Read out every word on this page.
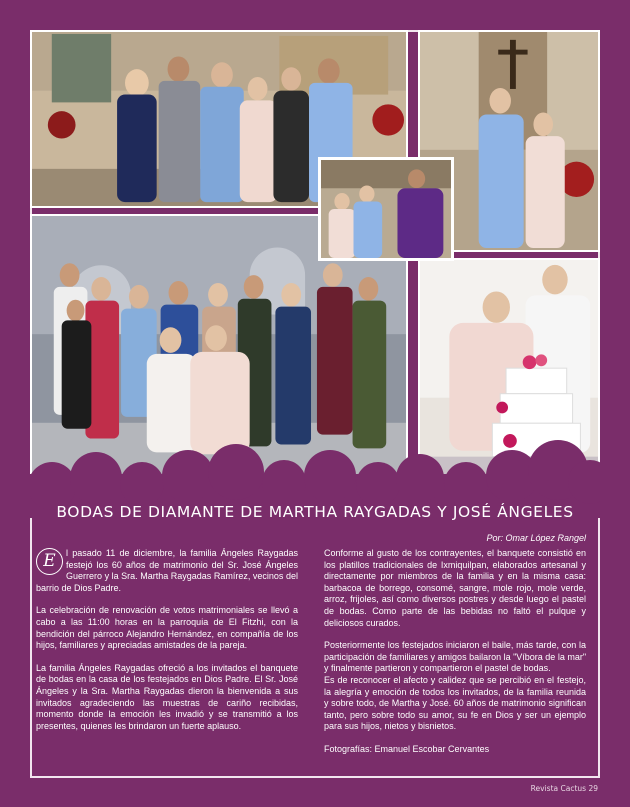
BODAS DE DIAMANTE DE MARTHA RAYGADAS Y JOSÉ ÁNGELES
Por: Omar López Rangel

E	l pasado 11 de diciembre, la familia Ángeles Raygadas festejó los 60 años de matrimonio del Sr. José Ángeles Guerrero y la Sra. Martha Raygadas Ramírez, vecinos del barrio de Dios Padre.

La celebración de renovación de votos matrimoniales se llevó a cabo a las 11:00 horas en la parroquia de El Fitzhi, con la bendición del párroco Alejandro Hernández, en compañía de los hijos, familiares y apreciadas amistades de la pareja.

La familia Ángeles Raygadas ofreció a los invitados el banquete de bodas en la casa de los festejados en Dios Padre. El Sr. José Ángeles y la Sra. Martha Raygadas dieron la bienvenida a sus invitados agradeciendo las muestras de cariño recibidas, momento donde la emoción les invadió y se transmitió a los presentes, quienes les brindaron un fuerte aplauso.

Conforme al gusto de los contrayentes, el banquete consistió en los platillos tradicionales de Ixmiquilpan, elaborados artesanal y directamente por miembros de la familia y en la misma casa: barbacoa de borrego, consomé, sangre, mole rojo, mole verde, arroz, frijoles, así como diversos postres y desde luego el pastel de bodas. Como parte de las bebidas no faltó el pulque y deliciosos curados.

Posteriormente los festejados iniciaron el baile, más tarde, con la participación de familiares y amigos bailaron la "Víbora de la mar" y finalmente partieron y compartieron el pastel de bodas.

Es de reconocer el afecto y calidez que se percibió en el festejo, la alegría y emoción de todos los invitados, de la familia reunida y sobre todo, de Martha y José. 60 años de matrimonio significan tanto, pero sobre todo su amor, su fe en Dios y ser un ejemplo para sus hijos, nietos y bisnietos.

Fotografías: Emanuel Escobar Cervantes

Revista Cactus 29
